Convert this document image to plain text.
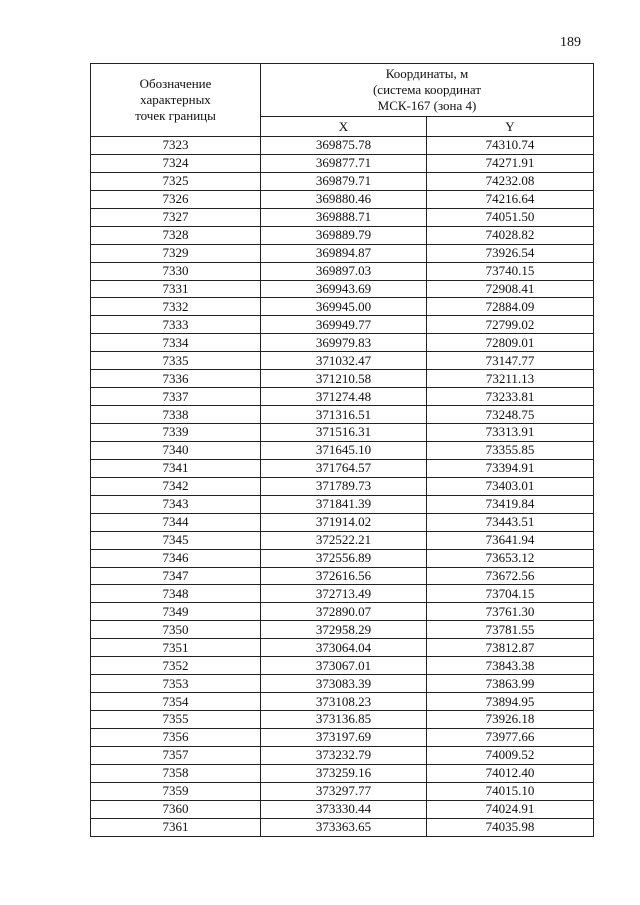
189
Обозначение
характерных
точек границы	Координаты, м
(система координат
МСК-167 (зона 4)	
	X	Y
7323	369875.78	74310.74
7324	369877.71	74271.91
7325	369879.71	74232.08
7326	369880.46	74216.64
7327	369888.71	74051.50
7328	369889.79	74028.82
7329	369894.87	73926.54
7330	369897.03	73740.15
7331	369943.69	72908.41
7332	369945.00	72884.09
7333	369949.77	72799.02
7334	369979.83	72809.01
7335	371032.47	73147.77
7336	371210.58	73211.13
7337	371274.48	73233.81
7338	371316.51	73248.75
7339	371516.31	73313.91
7340	371645.10	73355.85
7341	371764.57	73394.91
7342	371789.73	73403.01
7343	371841.39	73419.84
7344	371914.02	73443.51
7345	372522.21	73641.94
7346	372556.89	73653.12
7347	372616.56	73672.56
7348	372713.49	73704.15
7349	372890.07	73761.30
7350	372958.29	73781.55
7351	373064.04	73812.87
7352	373067.01	73843.38
7353	373083.39	73863.99
7354	373108.23	73894.95
7355	373136.85	73926.18
7356	373197.69	73977.66
7357	373232.79	74009.52
7358	373259.16	74012.40
7359	373297.77	74015.10
7360	373330.44	74024.91
7361	373363.65	74035.98
